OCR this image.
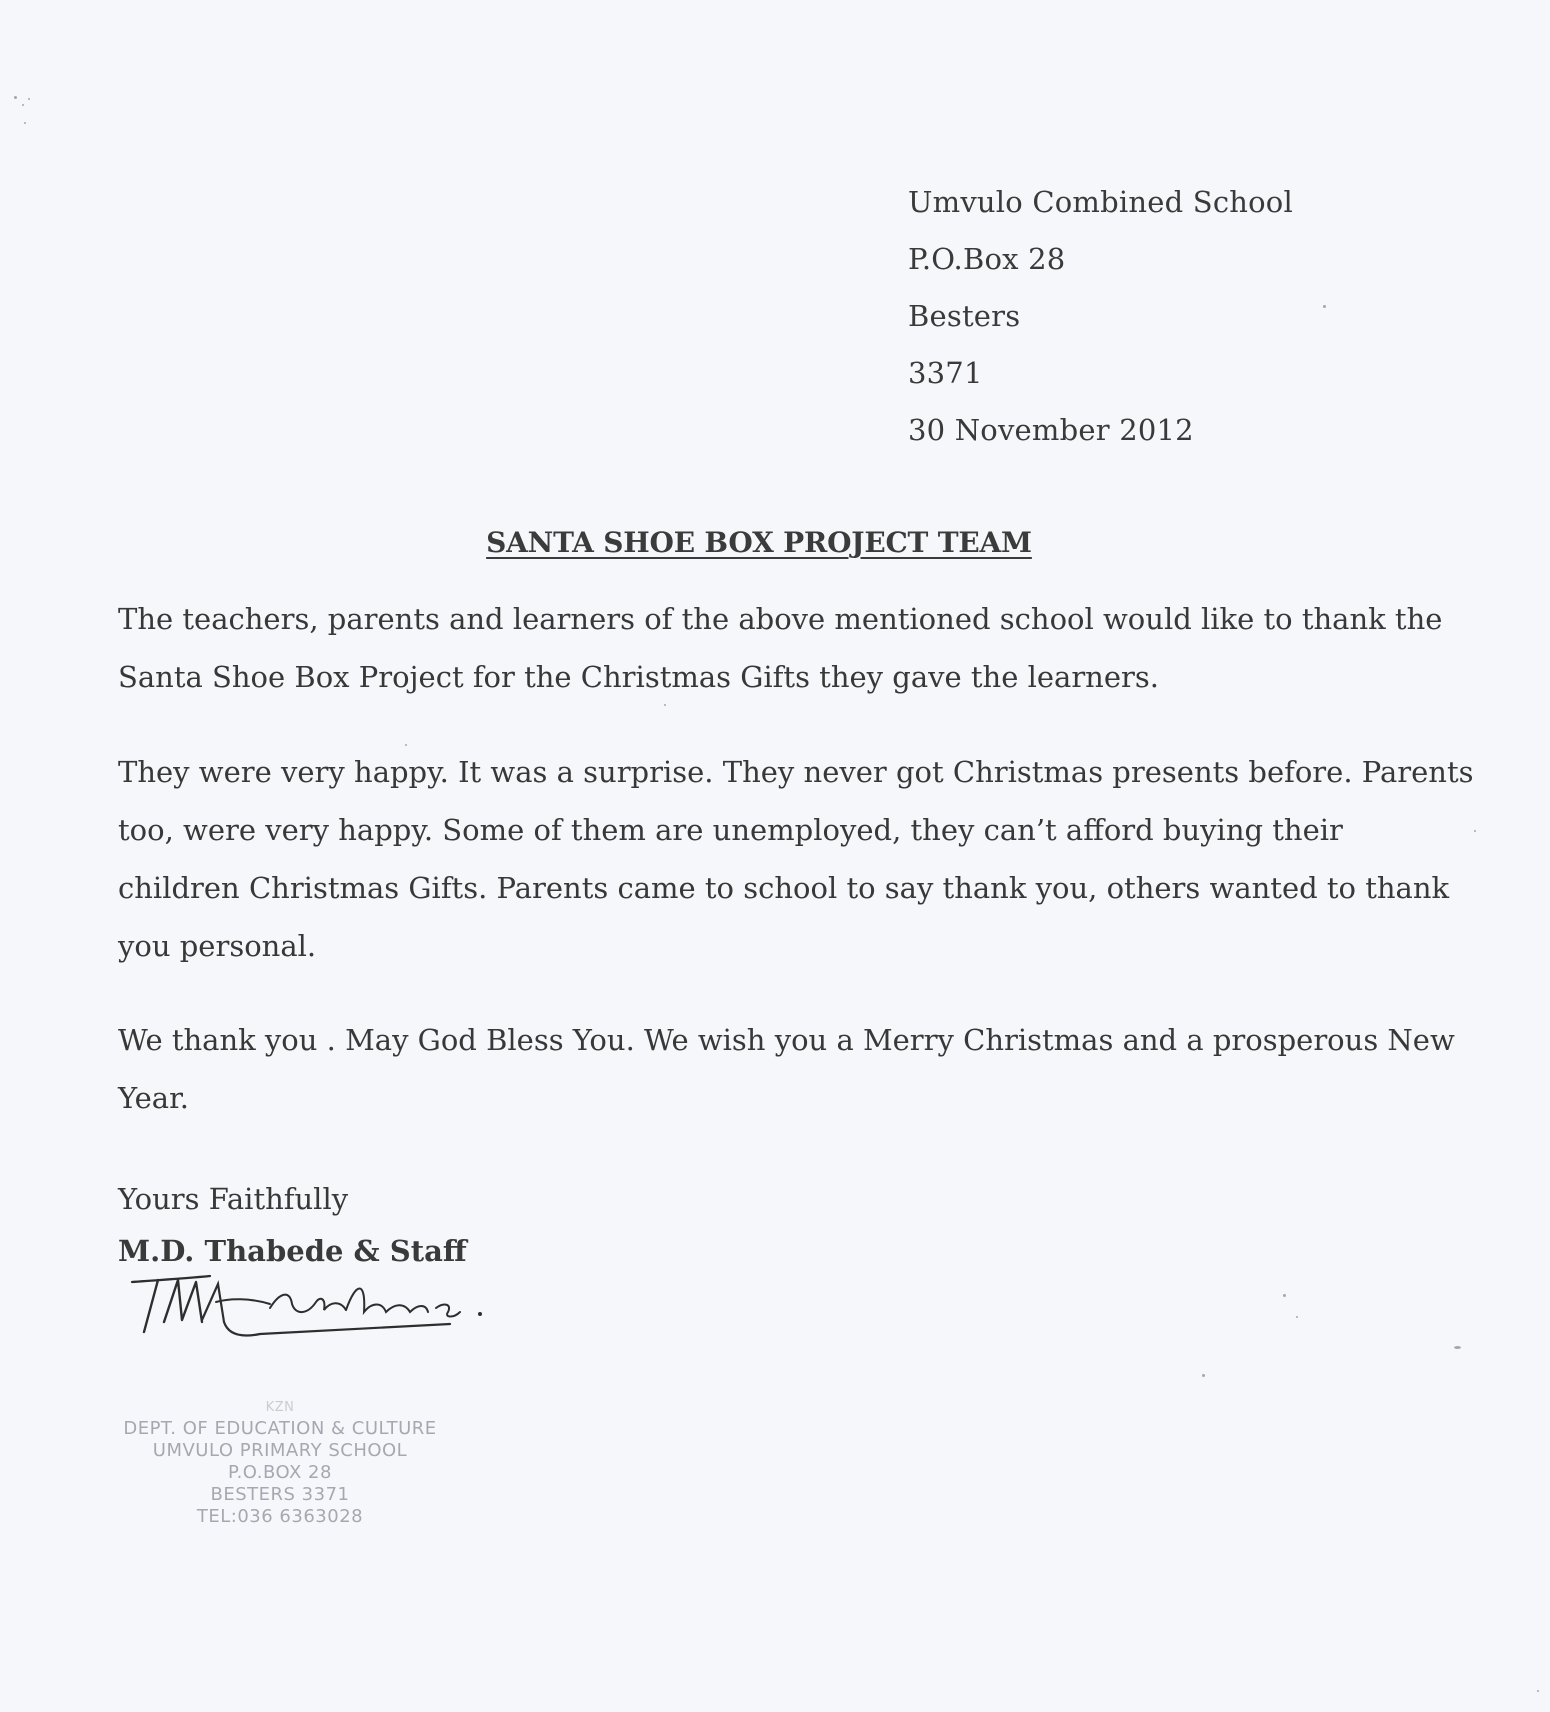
Umvulo Combined School
P.O.Box 28
Besters
3371
30 November 2012
SANTA SHOE BOX PROJECT TEAM
The teachers, parents and learners of the above mentioned school would like to thank the
Santa Shoe Box Project for the Christmas Gifts they gave the learners.
They were very happy. It was a surprise. They never got Christmas presents before. Parents
too, were very happy. Some of them are unemployed, they can’t afford buying their
children Christmas Gifts. Parents came to school to say thank you, others wanted to thank
you personal.
We thank you . May God Bless You. We wish you a Merry Christmas and a prosperous New
Year.
Yours Faithfully
M.D. Thabede & Staff
KZN
DEPT. OF EDUCATION & CULTURE
UMVULO PRIMARY SCHOOL
P.O.BOX 28
BESTERS 3371
TEL:036 6363028
